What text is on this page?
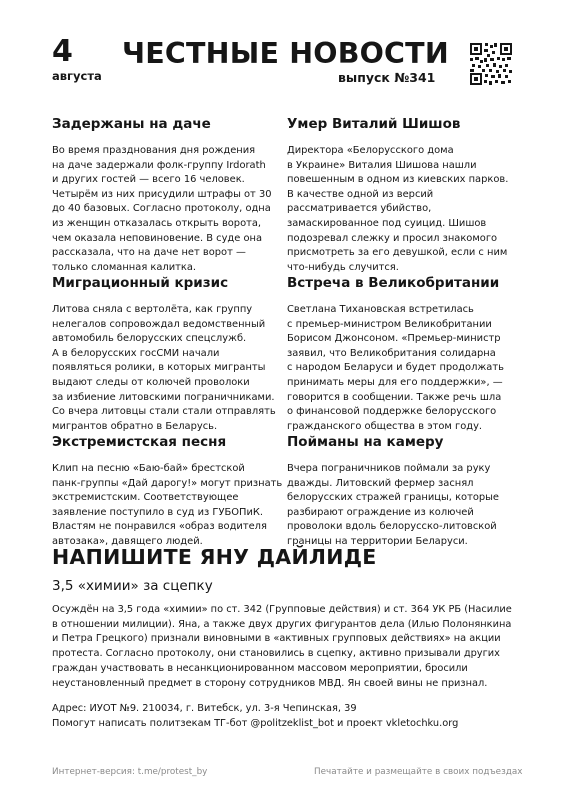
4
августа
ЧЕСТНЫЕ НОВОСТИ
выпуск №341
Задержаны на даче
Во время празднования дня рождения
на даче задержали фолк-группу Irdorath
и других гостей — всего 16 человек.
Четырём из них присудили штрафы от 30
до 40 базовых. Согласно протоколу, одна
из женщин отказалась открыть ворота,
чем оказала неповиновение. В суде она
рассказала, что на даче нет ворот —
только сломанная калитка.
Умер Виталий Шишов
Директора «Белорусского дома
в Украине» Виталия Шишова нашли
повешенным в одном из киевских парков.
В качестве одной из версий
рассматривается убийство,
замаскированное под суицид. Шишов
подозревал слежку и просил знакомого
присмотреть за его девушкой, если с ним
что-нибудь случится.
Миграционный кризис
Литова сняла с вертолёта, как группу
нелегалов сопровождал ведомственный
автомобиль белорусских спецслужб.
А в белорусских госСМИ начали
появляться ролики, в которых мигранты
выдают следы от колючей проволоки
за избиение литовскими пограничниками.
Со вчера литовцы стали стали отправлять
мигрантов обратно в Беларусь.
Встреча в Великобритании
Светлана Тихановская встретилась
с премьер-министром Великобритании
Борисом Джонсоном. «Премьер-министр
заявил, что Великобритания солидарна
с народом Беларуси и будет продолжать
принимать меры для его поддержки», —
говорится в сообщении. Также речь шла
о финансовой поддержке белорусского
гражданского общества в этом году.
Экстремистская песня
Клип на песню «Баю-бай» брестской
панк-группы «Дай дарогу!» могут признать
экстремистским. Соответствующее
заявление поступило в суд из ГУБОПиК.
Властям не понравился «образ водителя
автозака», давящего людей.
Пойманы на камеру
Вчера пограничников поймали за руку
дважды. Литовский фермер заснял
белорусских стражей границы, которые
разбирают ограждение из колючей
проволоки вдоль белорусско-литовской
границы на территории Беларуси.
НАПИШИТЕ ЯНУ ДАЙЛИДЕ
3,5 «химии» за сцепку
Осуждён на 3,5 года «химии» по ст. 342 (Групповые действия) и ст. 364 УК РБ (Насилие
в отношении милиции). Яна, а также двух других фигурантов дела (Илью Полонянкина
и Петра Грецкого) признали виновными в «активных групповых действиях» на акции
протеста. Согласно протоколу, они становились в сцепку, активно призывали других
граждан участвовать в несанкционированном массовом мероприятии, бросили
неустановленный предмет в сторону сотрудников МВД. Ян своей вины не признал.
Адрес: ИУОТ №9. 210034, г. Витебск, ул. 3-я Чепинская, 39
Помогут написать политзекам ТГ-бот @politzeklist_bot и проект vkletochku.org
Интернет-версия: t.me/protest_by	Печатайте и размещайте в своих подъездах
